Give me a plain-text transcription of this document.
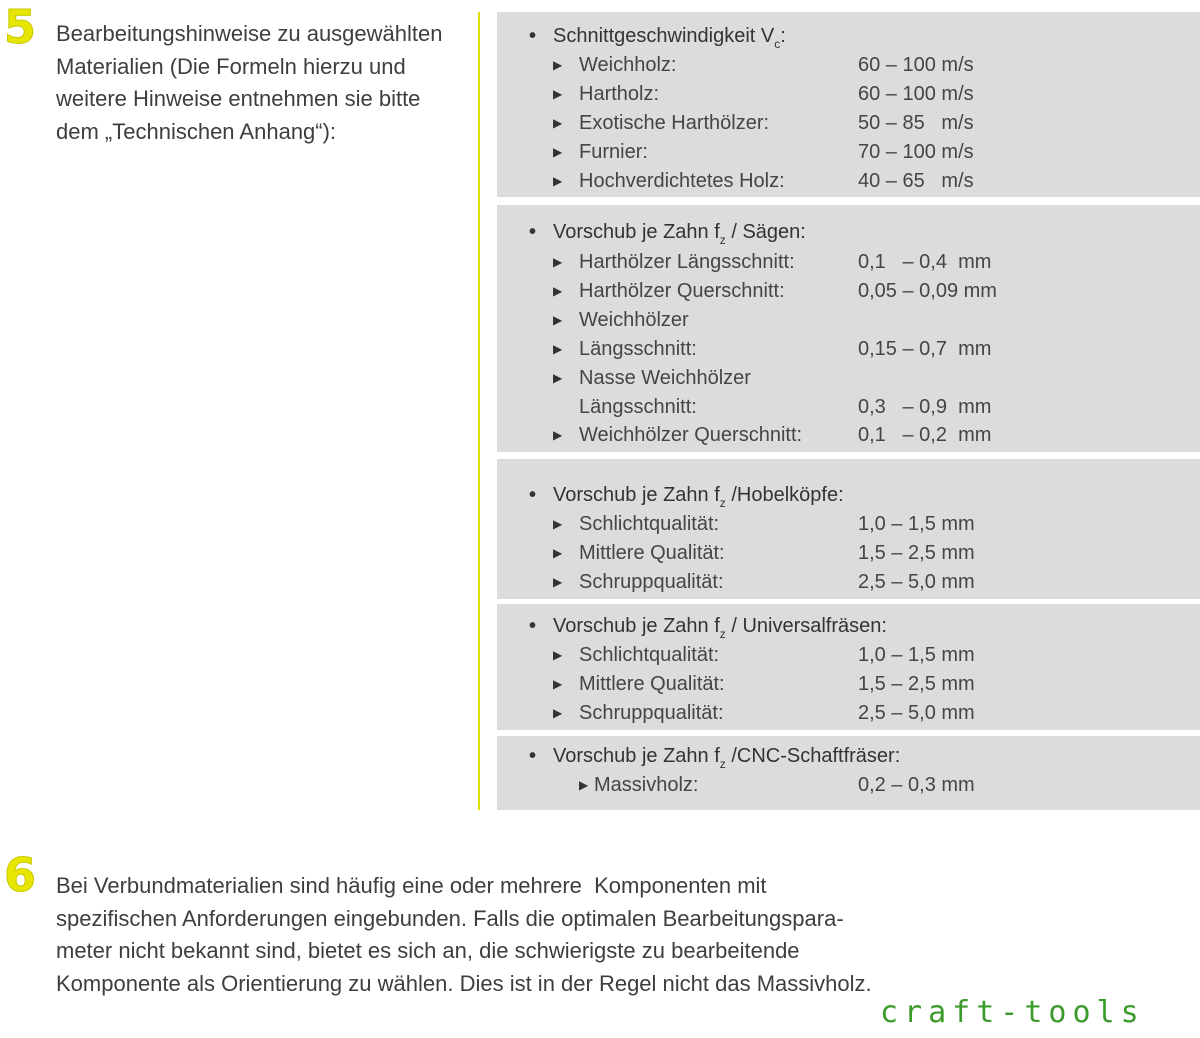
5 Bearbeitungshinweise zu ausgewählten
Materialien (Die Formeln hierzu und
weitere Hinweise entnehmen sie bitte
dem „Technischen Anhang“):

• Schnittgeschwindigkeit $V_c$:
▶ Weichholz:	60 – 100 m/s
▶ Hartholz:	60 – 100 m/s
▶ Exotische Harthölzer:	50 – 85   m/s
▶ Furnier:	70 – 100 m/s
▶ Hochverdichtetes Holz:	40 – 65   m/s
• Vorschub je Zahn $f_z$ / Sägen:
▶ Harthölzer Längsschnitt:	0,1   – 0,4  mm
▶ Harthölzer Querschnitt:	0,05 – 0,09 mm
▶ Weichhölzer
▶ Längsschnitt:	0,15 – 0,7  mm
▶ Nasse Weichhölzer
Längsschnitt:	0,3   – 0,9  mm
▶ Weichhölzer Querschnitt:	0,1   – 0,2  mm
• Vorschub je Zahn $f_z$ /Hobelköpfe:
▶ Schlichtqualität:	1,0 – 1,5 mm
▶ Mittlere Qualität:	1,5 – 2,5 mm
▶ Schruppqualität:	2,5 – 5,0 mm
• Vorschub je Zahn $f_z$ / Universalfräsen:
▶ Schlichtqualität:	1,0 – 1,5 mm
▶ Mittlere Qualität:	1,5 – 2,5 mm
▶ Schruppqualität:	2,5 – 5,0 mm
• Vorschub je Zahn $f_z$ /CNC-Schaftfräser:
▶ Massivholz:	0,2 – 0,3 mm
6 Bei Verbundmaterialien sind häufig eine oder mehrere  Komponenten mit
spezifischen Anforderungen eingebunden. Falls die optimalen Bearbeitungspara-
meter nicht bekannt sind, bietet es sich an, die schwierigste zu bearbeitende
Komponente als Orientierung zu wählen. Dies ist in der Regel nicht das Massivholz.

craft-tools
